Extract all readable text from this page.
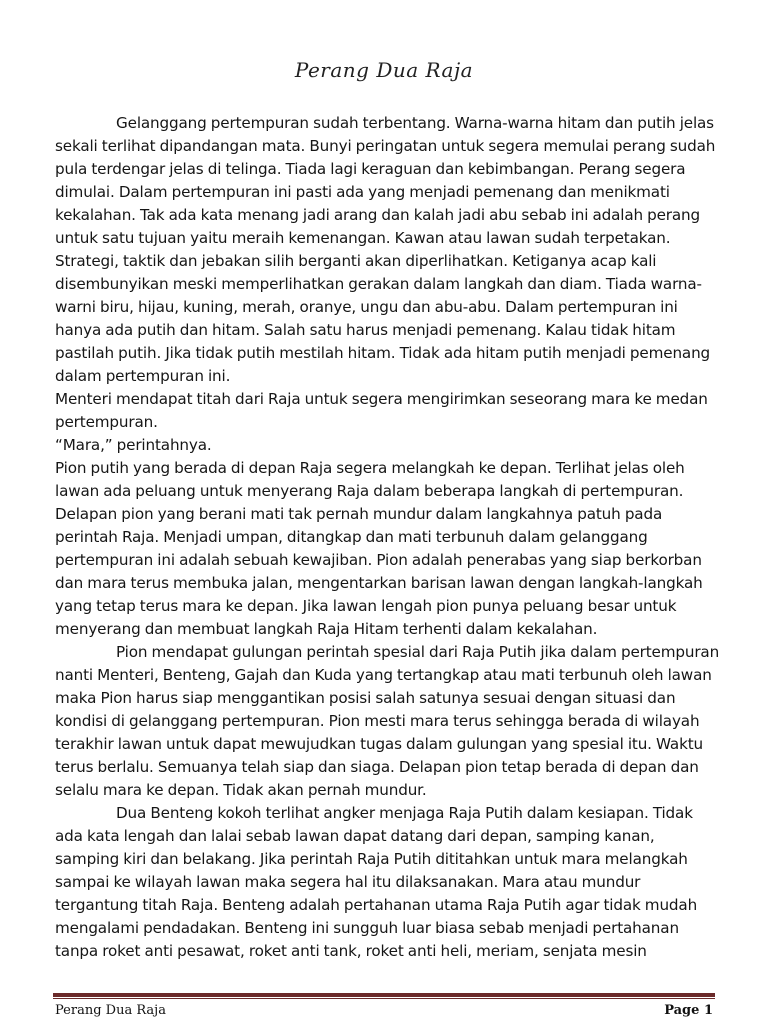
Perang Dua Raja

Gelanggang pertempuran sudah terbentang. Warna-warna hitam dan putih jelas sekali terlihat dipandangan mata. Bunyi peringatan untuk segera memulai perang sudah pula terdengar jelas di telinga. Tiada lagi keraguan dan kebimbangan. Perang segera dimulai. Dalam pertempuran ini pasti ada yang menjadi pemenang dan menikmati kekalahan. Tak ada kata menang jadi arang dan kalah jadi abu sebab ini adalah perang untuk satu tujuan yaitu meraih kemenangan. Kawan atau lawan sudah terpetakan. Strategi, taktik dan jebakan silih berganti akan diperlihatkan. Ketiganya acap kali disembunyikan meski memperlihatkan gerakan dalam langkah dan diam. Tiada warna-warni biru, hijau, kuning, merah, oranye, ungu dan abu-abu. Dalam pertempuran ini hanya ada putih dan hitam. Salah satu harus menjadi pemenang. Kalau tidak hitam pastilah putih. Jika tidak putih mestilah hitam. Tidak ada hitam putih menjadi pemenang dalam pertempuran ini.

Menteri mendapat titah dari Raja untuk segera mengirimkan seseorang mara ke medan pertempuran.

“Mara,” perintahnya.

Pion putih yang berada di depan Raja segera melangkah ke depan. Terlihat jelas oleh lawan ada peluang untuk menyerang Raja dalam beberapa langkah di pertempuran. Delapan pion yang berani mati tak pernah mundur dalam langkahnya patuh pada perintah Raja. Menjadi umpan, ditangkap dan mati terbunuh dalam gelanggang pertempuran ini adalah sebuah kewajiban. Pion adalah penerabas yang siap berkorban dan mara terus membuka jalan, mengentarkan barisan lawan dengan langkah-langkah yang tetap terus mara ke depan. Jika lawan lengah pion punya peluang besar untuk menyerang dan membuat langkah Raja Hitam terhenti dalam kekalahan.

Pion mendapat gulungan perintah spesial dari Raja Putih jika dalam pertempuran nanti Menteri, Benteng, Gajah dan Kuda yang tertangkap atau mati terbunuh oleh lawan maka Pion harus siap menggantikan posisi salah satunya sesuai dengan situasi dan kondisi di gelanggang pertempuran. Pion mesti mara terus sehingga berada di wilayah terakhir lawan untuk dapat mewujudkan tugas dalam gulungan yang spesial itu. Waktu terus berlalu. Semuanya telah siap dan siaga. Delapan pion tetap berada di depan dan selalu mara ke depan. Tidak akan pernah mundur.

Dua Benteng kokoh terlihat angker menjaga Raja Putih dalam kesiapan. Tidak ada kata lengah dan lalai sebab lawan dapat datang dari depan, samping kanan, samping kiri dan belakang. Jika perintah Raja Putih dititahkan untuk mara melangkah sampai ke wilayah lawan maka segera hal itu dilaksanakan. Mara atau mundur tergantung titah Raja. Benteng adalah pertahanan utama Raja Putih agar tidak mudah mengalami pendadakan. Benteng ini sungguh luar biasa sebab menjadi pertahanan tanpa roket anti pesawat, roket anti tank, roket anti heli, meriam, senjata mesin

Perang Dua Raja	Page 1
